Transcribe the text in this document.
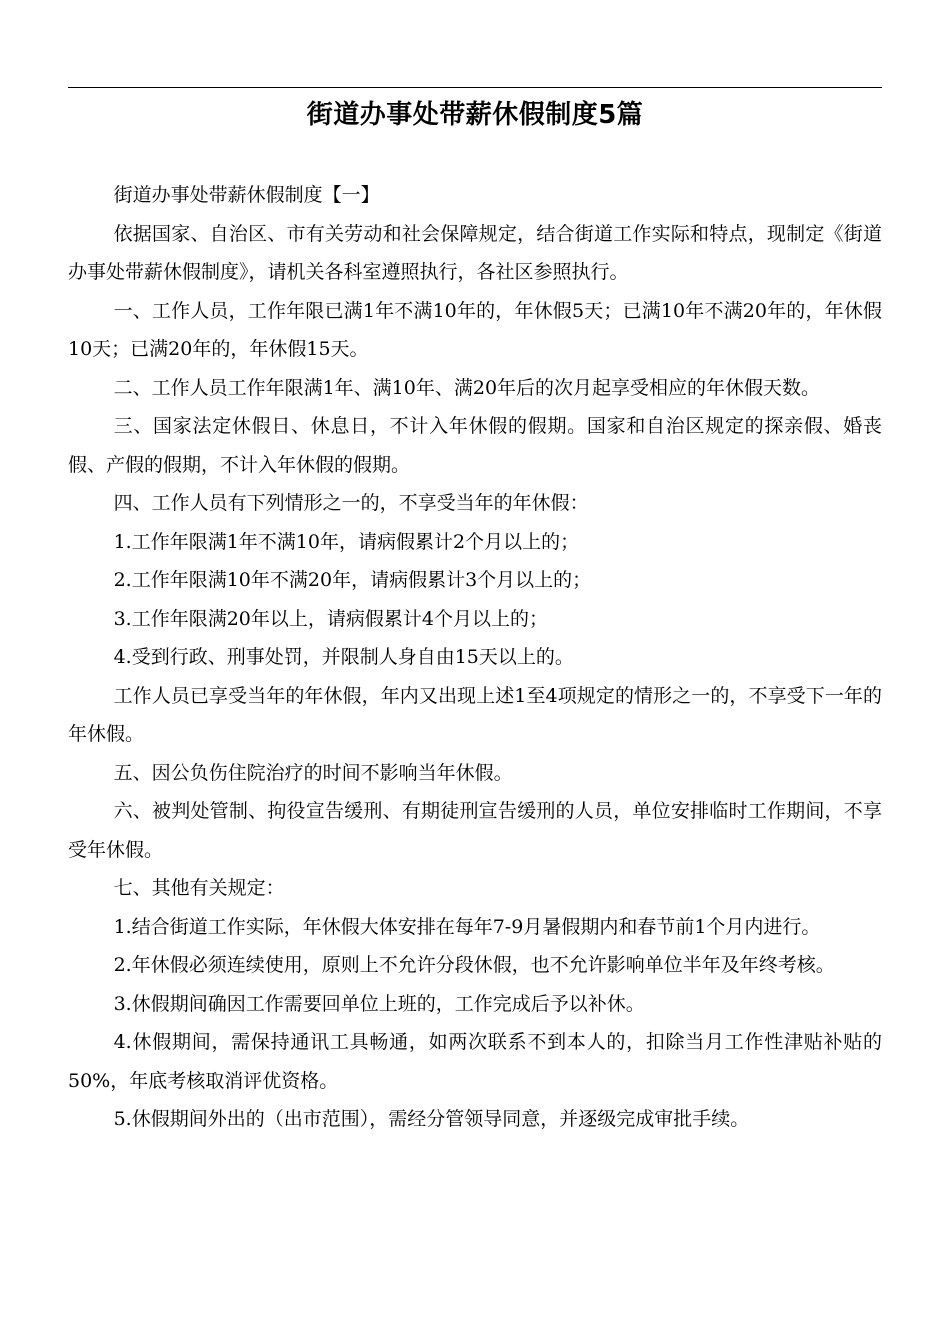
街道办事处带薪休假制度5篇

街道办事处带薪休假制度【一】

依据国家、自治区、市有关劳动和社会保障规定，结合街道工作实际和特点，现制定《街道办事处带薪休假制度》，请机关各科室遵照执行，各社区参照执行。

一、工作人员，工作年限已满1年不满10年的，年休假5天；已满10年不满20年的，年休假10天；已满20年的，年休假15天。

二、工作人员工作年限满1年、满10年、满20年后的次月起享受相应的年休假天数。

三、国家法定休假日、休息日，不计入年休假的假期。国家和自治区规定的探亲假、婚丧假、产假的假期，不计入年休假的假期。

四、工作人员有下列情形之一的，不享受当年的年休假：

1.工作年限满1年不满10年，请病假累计2个月以上的；

2.工作年限满10年不满20年，请病假累计3个月以上的；

3.工作年限满20年以上，请病假累计4个月以上的；

4.受到行政、刑事处罚，并限制人身自由15天以上的。

工作人员已享受当年的年休假，年内又出现上述1至4项规定的情形之一的，不享受下一年的年休假。

五、因公负伤住院治疗的时间不影响当年休假。

六、被判处管制、拘役宣告缓刑、有期徒刑宣告缓刑的人员，单位安排临时工作期间，不享受年休假。

七、其他有关规定：

1.结合街道工作实际，年休假大体安排在每年7-9月暑假期内和春节前1个月内进行。

2.年休假必须连续使用，原则上不允许分段休假，也不允许影响单位半年及年终考核。

3.休假期间确因工作需要回单位上班的，工作完成后予以补休。

4.休假期间，需保持通讯工具畅通，如两次联系不到本人的，扣除当月工作性津贴补贴的50%，年底考核取消评优资格。

5.休假期间外出的（出市范围），需经分管领导同意，并逐级完成审批手续。
